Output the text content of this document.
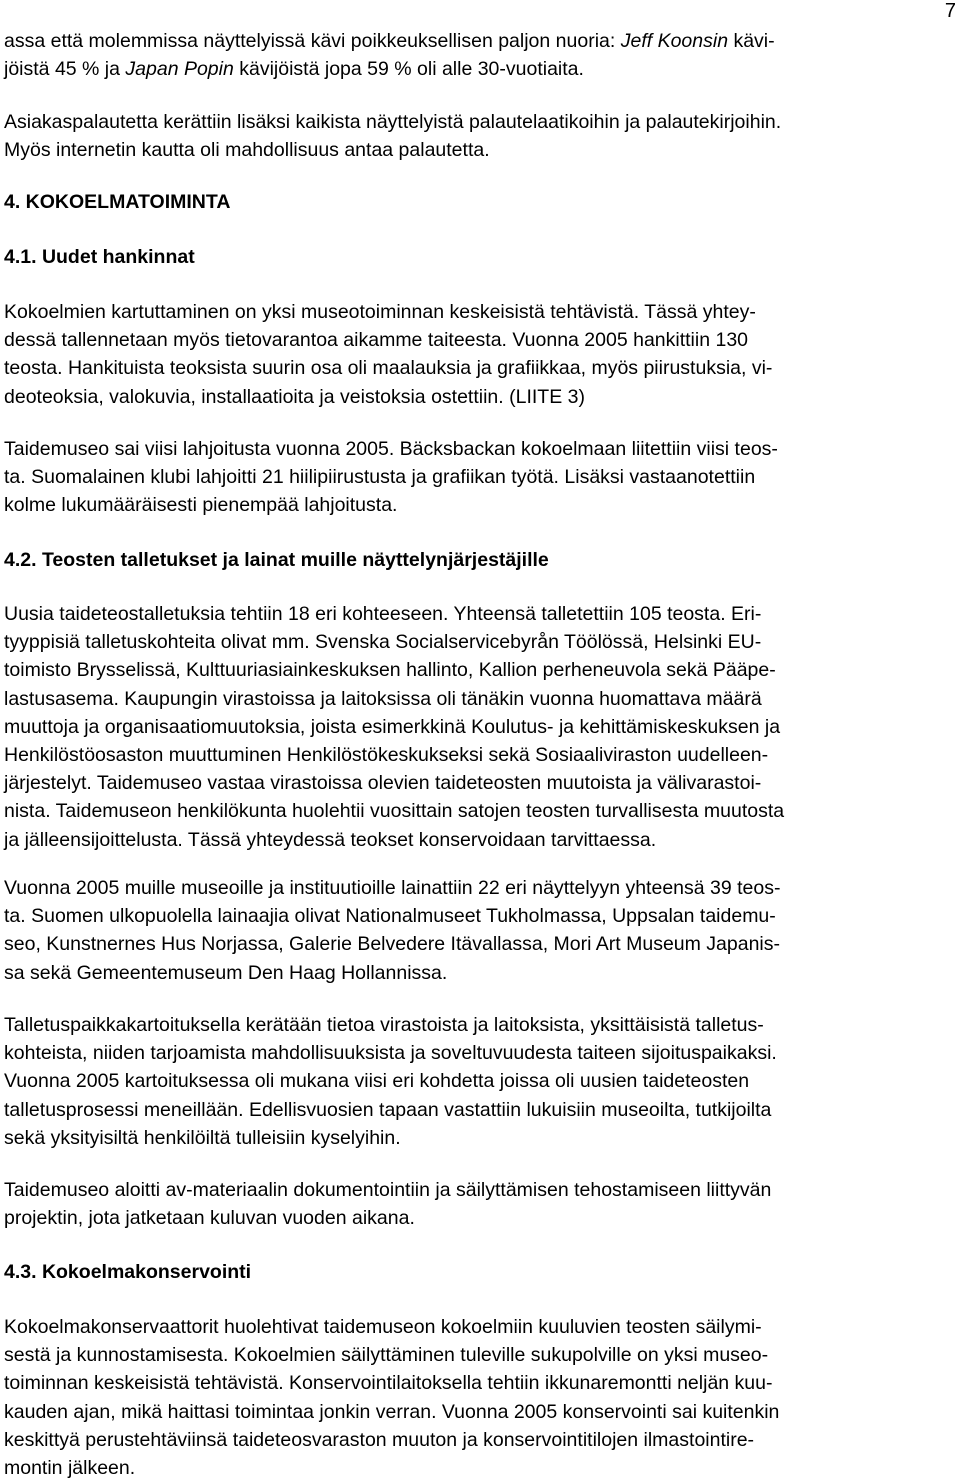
7
assa että molemmissa näyttelyissä kävi poikkeuksellisen paljon nuoria: Jeff Koonsin kävi-
jöistä 45 % ja Japan Popin kävijöistä jopa 59 % oli alle 30-vuotiaita.
Asiakaspalautetta kerättiin lisäksi kaikista näyttelyistä palautelaatikoihin ja palautekirjoihin.
Myös internetin kautta oli mahdollisuus antaa palautetta.
4. KOKOELMATOIMINTA
4.1. Uudet hankinnat
Kokoelmien kartuttaminen on yksi museotoiminnan keskeisistä tehtävistä. Tässä yhtey-
dessä tallennetaan myös tietovarantoa aikamme taiteesta. Vuonna 2005 hankittiin 130
teosta. Hankituista teoksista suurin osa oli maalauksia ja grafiikkaa, myös piirustuksia, vi-
deoteoksia, valokuvia, installaatioita ja veistoksia ostettiin. (LIITE 3)
Taidemuseo sai viisi lahjoitusta vuonna 2005. Bäcksbackan kokoelmaan liitettiin viisi teos-
ta. Suomalainen klubi lahjoitti 21 hiilipiirustusta ja grafiikan työtä. Lisäksi vastaanotettiin
kolme lukumääräisesti pienempää lahjoitusta.
4.2. Teosten talletukset ja lainat muille näyttelynjärjestäjille
Uusia taideteostalletuksia tehtiin 18 eri kohteeseen. Yhteensä talletettiin 105 teosta. Eri-
tyyppisiä talletuskohteita olivat mm. Svenska Socialservicebyrån Töölössä, Helsinki EU-
toimisto Brysselissä, Kulttuuriasiainkeskuksen hallinto, Kallion perheneuvola sekä Pääpe-
lastusasema. Kaupungin virastoissa ja laitoksissa oli tänäkin vuonna huomattava määrä
muuttoja ja organisaatiomuutoksia, joista esimerkkinä Koulutus- ja kehittämiskeskuksen ja
Henkilöstöosaston muuttuminen Henkilöstökeskukseksi sekä Sosiaaliviraston uudelleen-
järjestelyt. Taidemuseo vastaa virastoissa olevien taideteosten muutoista ja välivarastoi-
nista. Taidemuseon henkilökunta huolehtii vuosittain satojen teosten turvallisesta muutosta
ja jälleensijoittelusta. Tässä yhteydessä teokset konservoidaan tarvittaessa.
Vuonna 2005 muille museoille ja instituutioille lainattiin 22 eri näyttelyyn yhteensä 39 teos-
ta. Suomen ulkopuolella lainaajia olivat Nationalmuseet Tukholmassa, Uppsalan taidemu-
seo, Kunstnernes Hus Norjassa, Galerie Belvedere Itävallassa, Mori Art Museum Japanis-
sa sekä Gemeentemuseum Den Haag Hollannissa.
Talletuspaikkakartoituksella kerätään tietoa virastoista ja laitoksista, yksittäisistä talletus-
kohteista, niiden tarjoamista mahdollisuuksista ja soveltuvuudesta taiteen sijoituspaikaksi.
Vuonna 2005 kartoituksessa oli mukana viisi eri kohdetta joissa oli uusien taideteosten
talletusprosessi meneillään. Edellisvuosien tapaan vastattiin lukuisiin museoilta, tutkijoilta
sekä yksityisiltä henkilöiltä tulleisiin kyselyihin.
Taidemuseo aloitti av-materiaalin dokumentointiin ja säilyttämisen tehostamiseen liittyvän
projektin, jota jatketaan kuluvan vuoden aikana.
4.3. Kokoelmakonservointi
Kokoelmakonservaattorit huolehtivat taidemuseon kokoelmiin kuuluvien teosten säilymi-
sestä ja kunnostamisesta. Kokoelmien säilyttäminen tuleville sukupolville on yksi museo-
toiminnan keskeisistä tehtävistä. Konservointilaitoksella tehtiin ikkunaremontti neljän kuu-
kauden ajan, mikä haittasi toimintaa jonkin verran. Vuonna 2005 konservointi sai kuitenkin
keskittyä perustehtäviinsä taideteosvaraston muuton ja konservointitilojen ilmastointire-
montin jälkeen.
